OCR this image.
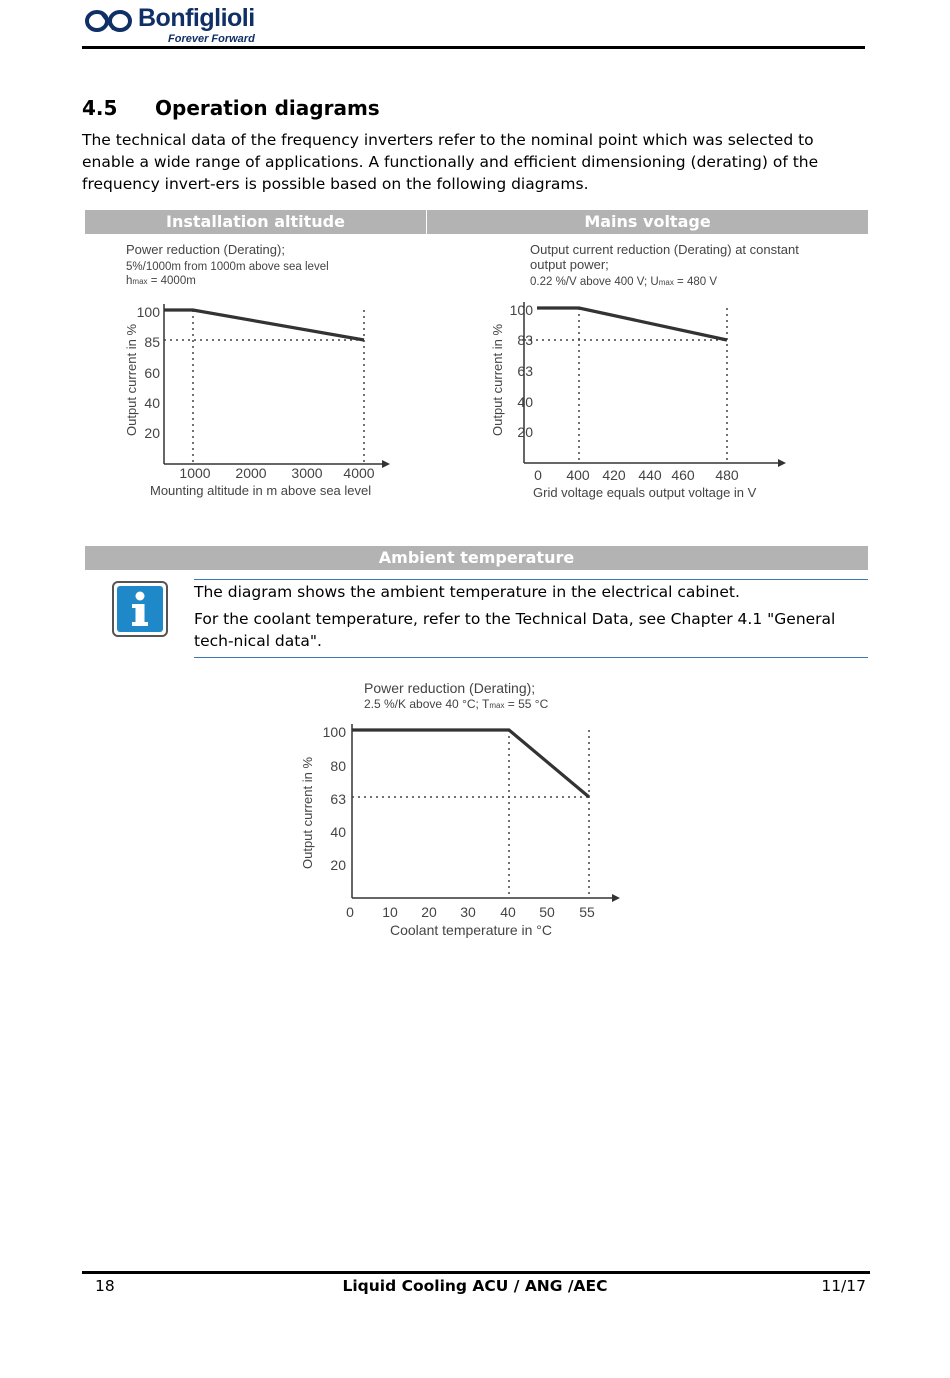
Bonfiglioli
Forever Forward
4.5 Operation diagrams

The technical data of the frequency inverters refer to the nominal point which was selected to enable a wide range of applications. A functionally and efficient dimensioning (derating) of the frequency invert-ers is possible based on the following diagrams.

Installation altitude	Mains voltage
Power reduction (Derating);
5%/1000m from 1000m above sea level
hmax = 4000m
Output current in %
Mounting altitude in m above sea level
1000 2000 3000 4000
100
85
60
40
20
Output current reduction (Derating) at constant
output power;
0.22 %/V above 400 V; Umax = 480 V
Output current in %
Grid voltage equals output voltage in V
0 400 420 440 460 480
100
83
63
40
20
Ambient temperature

The diagram shows the ambient temperature in the electrical cabinet.

For the coolant temperature, refer to the Technical Data, see Chapter 4.1 "General tech-nical data".

Power reduction (Derating);
2.5 %/K above 40 °C; Tmax = 55 °C
Output current in %
Coolant temperature in °C
0 10 20 30 40 50 55
100
80
63
40
20
18	Liquid Cooling ACU / ANG /AEC	11/17
